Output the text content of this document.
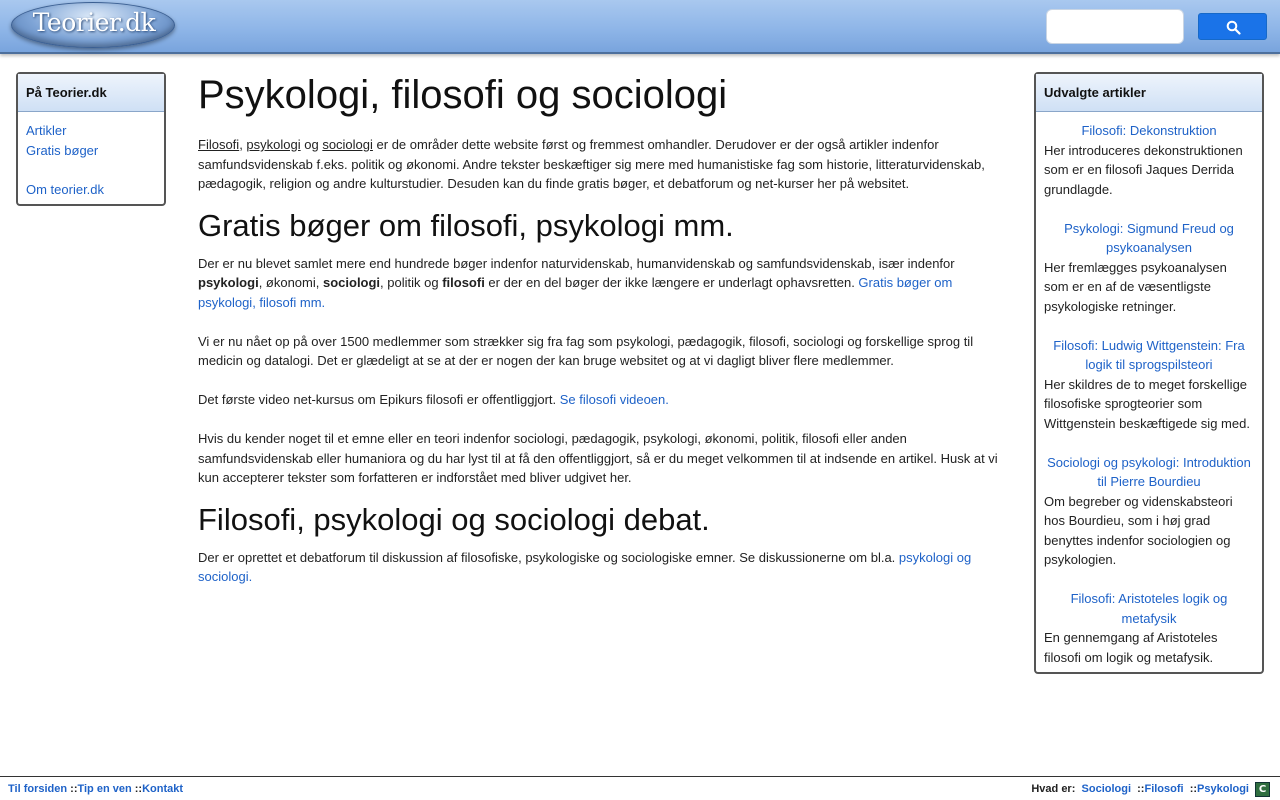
Teorier.dk
På Teorier.dk
Artikler
Gratis bøger
Om teorier.dk
Psykologi, filosofi og sociologi

Filosofi, psykologi og sociologi er de områder dette website først og fremmest omhandler. Derudover er der også artikler indenfor samfundsvidenskab f.eks. politik og økonomi. Andre tekster beskæftiger sig mere med humanistiske fag som historie, litteraturvidenskab, pædagogik, religion og andre kulturstudier. Desuden kan du finde gratis bøger, et debatforum og net-kurser her på websitet.

Gratis bøger om filosofi, psykologi mm.

Der er nu blevet samlet mere end hundrede bøger indenfor naturvidenskab, humanvidenskab og samfundsvidenskab, især indenfor psykologi, økonomi, sociologi, politik og filosofi er der en del bøger der ikke længere er underlagt ophavsretten. Gratis bøger om psykologi, filosofi mm.

Vi er nu nået op på over 1500 medlemmer som strækker sig fra fag som psykologi, pædagogik, filosofi, sociologi og forskellige sprog til medicin og datalogi. Det er glædeligt at se at der er nogen der kan bruge websitet og at vi dagligt bliver flere medlemmer.

Det første video net-kursus om Epikurs filosofi er offentliggjort. Se filosofi videoen.

Hvis du kender noget til et emne eller en teori indenfor sociologi, pædagogik, psykologi, økonomi, politik, filosofi eller anden samfundsvidenskab eller humaniora og du har lyst til at få den offentliggjort, så er du meget velkommen til at indsende en artikel. Husk at vi kun accepterer tekster som forfatteren er indforstået med bliver udgivet her.

Filosofi, psykologi og sociologi debat.

Der er oprettet et debatforum til diskussion af filosofiske, psykologiske og sociologiske emner. Se diskussionerne om bl.a. psykologi og sociologi.

Udvalgte artikler
Filosofi: Dekonstruktion
Her introduceres dekonstruktionen som er en filosofi Jaques Derrida grundlagde.
Psykologi: Sigmund Freud og psykoanalysen
Her fremlægges psykoanalysen som er en af de væsentligste psykologiske retninger.
Filosofi: Ludwig Wittgenstein: Fra logik til sprogspilsteori
Her skildres de to meget forskellige filosofiske sprogteorier som Wittgenstein beskæftigede sig med.
Sociologi og psykologi: Introduktion til Pierre Bourdieu
Om begreber og videnskabsteori hos Bourdieu, som i høj grad benyttes indenfor sociologien og psykologien.
Filosofi: Aristoteles logik og metafysik
En gennemgang af Aristoteles filosofi om logik og metafysik.
Til forsiden ::Tip en ven ::Kontakt	Hvad er: Sociologi ::Filosofi ::Psykologi C
